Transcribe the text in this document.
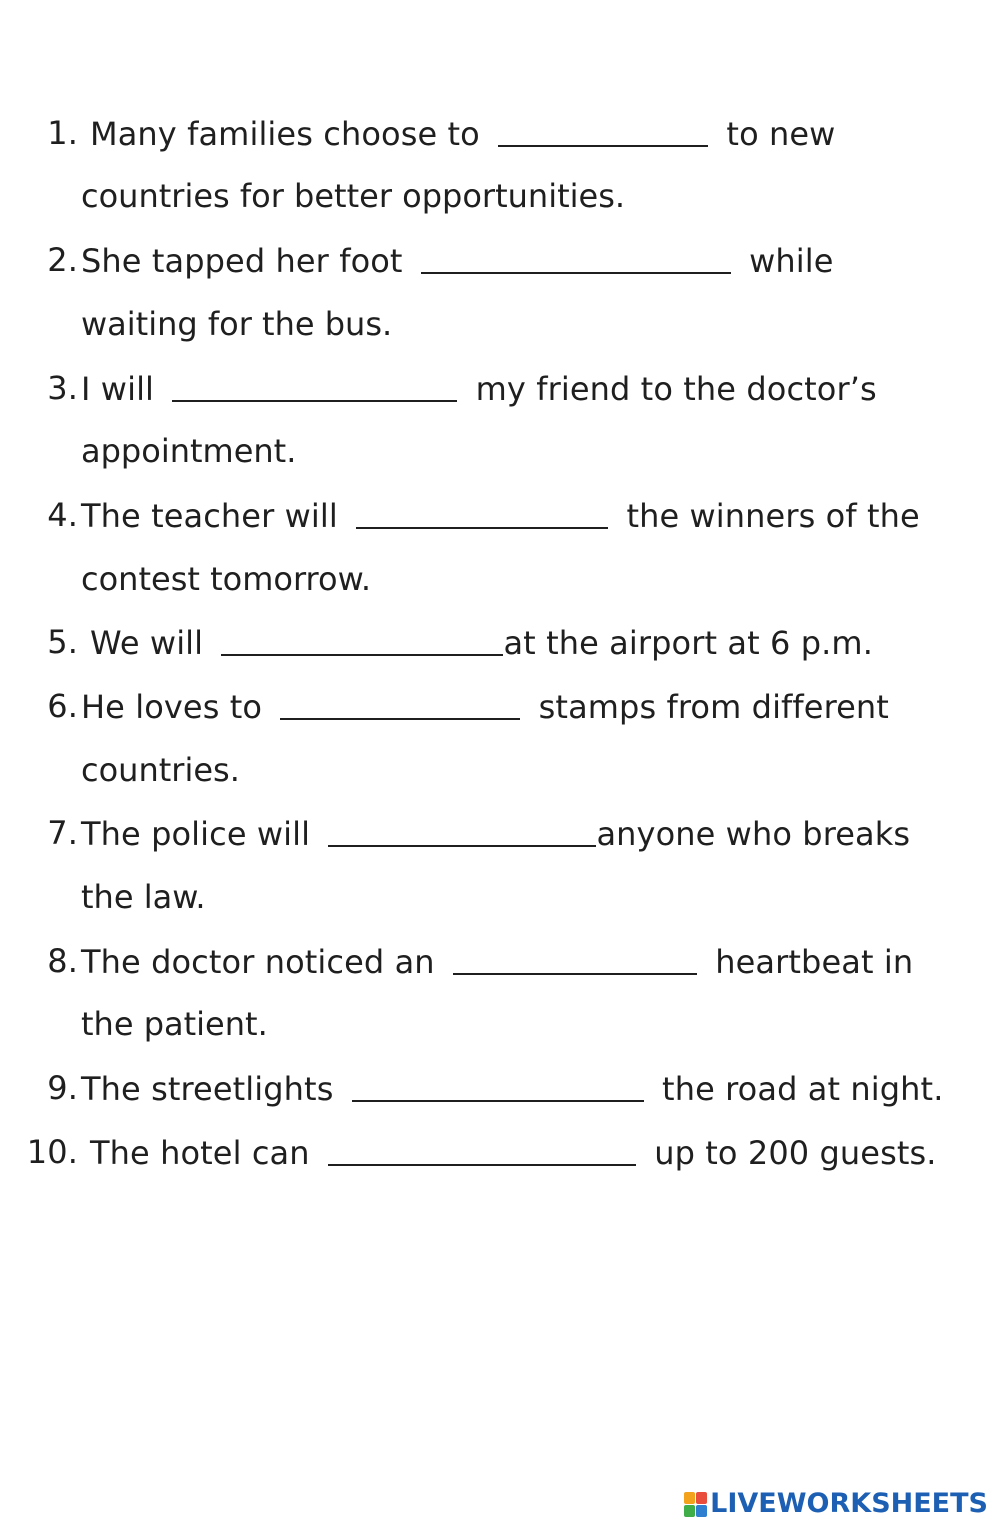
1. Many families choose to	to new
countries for better opportunities.
2. She tapped her foot	while
waiting for the bus.
3. I will	my friend to the doctor’s
appointment.
4. The teacher will	the winners of the
contest tomorrow.
5. We will	at the airport at 6 p.m.
6. He loves to	stamps from different
countries.
7. The police will	anyone who breaks
the law.
8. The doctor noticed an	heartbeat in
the patient.
9. The streetlights	the road at night.
10. The hotel can	up to 200 guests.
LIVEWORKSHEETS
